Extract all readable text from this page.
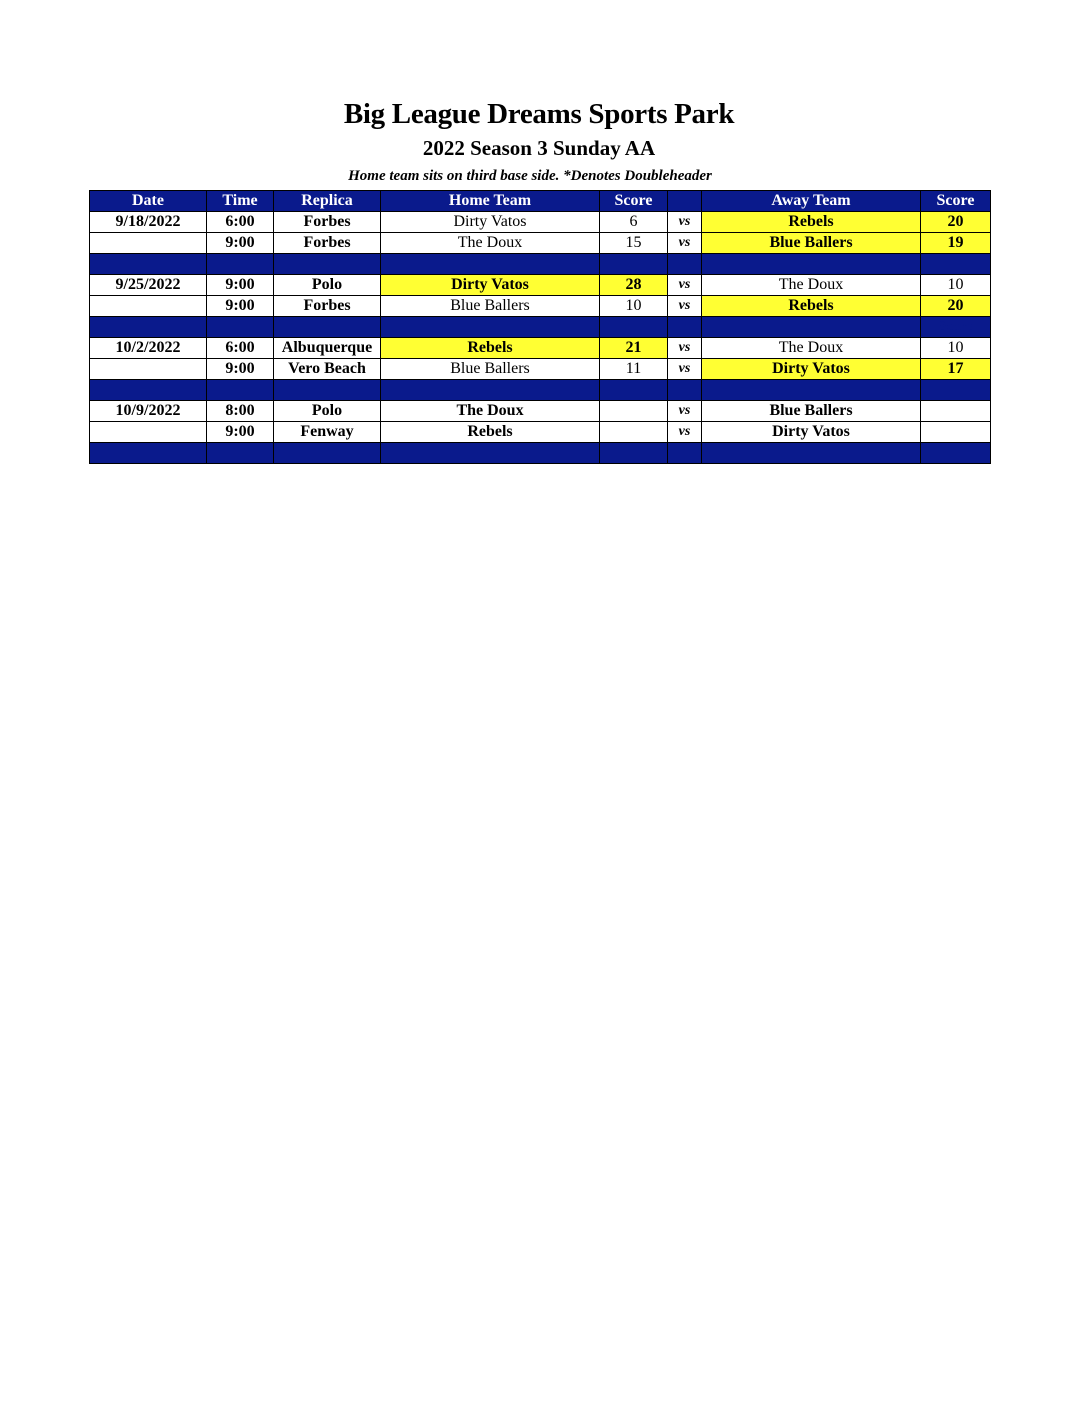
Big League Dreams Sports Park
2022 Season 3 Sunday AA
Home team sits on third base side. *Denotes Doubleheader
Date	Time	Replica	Home Team	Score		Away Team	Score
9/18/2022	6:00	Forbes	Dirty Vatos	6	vs	Rebels	20
	9:00	Forbes	The Doux	15	vs	Blue Ballers	19

9/25/2022	9:00	Polo	Dirty Vatos	28	vs	The Doux	10
	9:00	Forbes	Blue Ballers	10	vs	Rebels	20
							Score
10/2/2022	6:00	Albuquerque	Rebels	21	vs	The Doux	10
	9:00	Vero Beach	Blue Ballers	11	vs	Dirty Vatos	17

10/9/2022	8:00	Polo	The Doux		vs	Blue Ballers	
	9:00	Fenway	Rebels		vs	Dirty Vatos	
